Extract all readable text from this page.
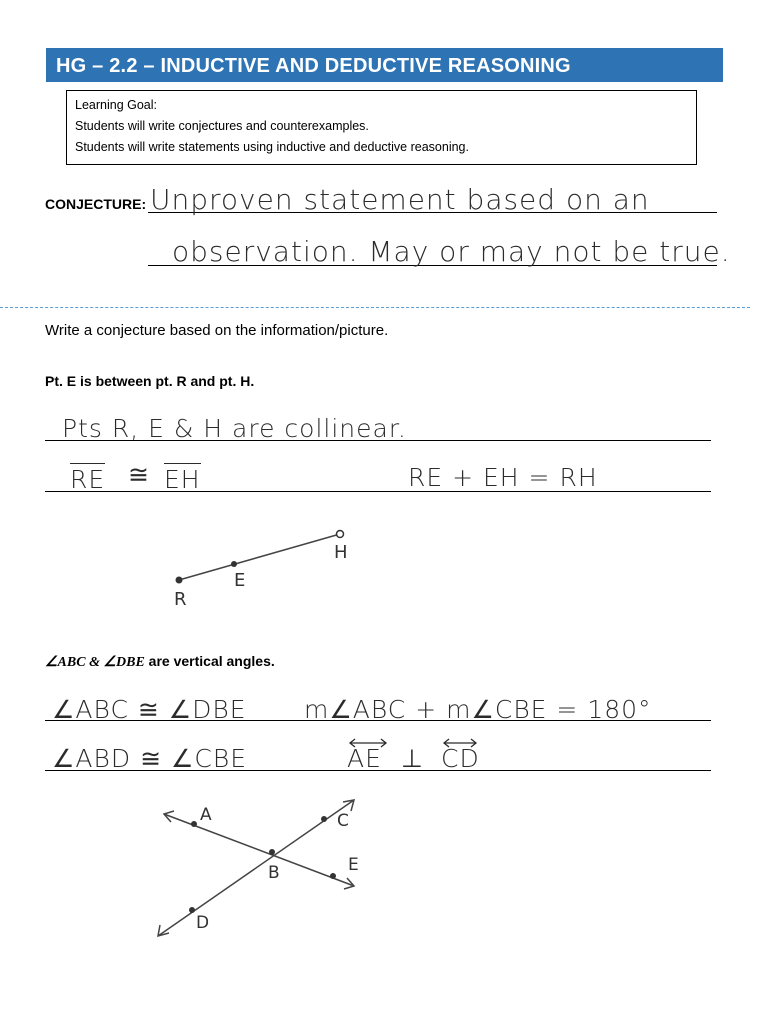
HG – 2.2 – INDUCTIVE AND DEDUCTIVE REASONING
Learning Goal:
Students will write conjectures and counterexamples.
Students will write statements using inductive and deductive reasoning.
CONJECTURE: Unproven statement based on an
observation. May or may not be true.
Write a conjecture based on the information/picture.
Pt. E is between pt. R and pt. H.
Pts R, E & H are collinear.
RE ≅ EH	RE + EH = RH
R
E
H
∠ABC & ∠DBE are vertical angles.
∠ABC ≅ ∠DBE m∠ABC + m∠CBE = 180°
∠ABD ≅ ∠CBE	AE ⊥ CD
A	C
B	E
D
